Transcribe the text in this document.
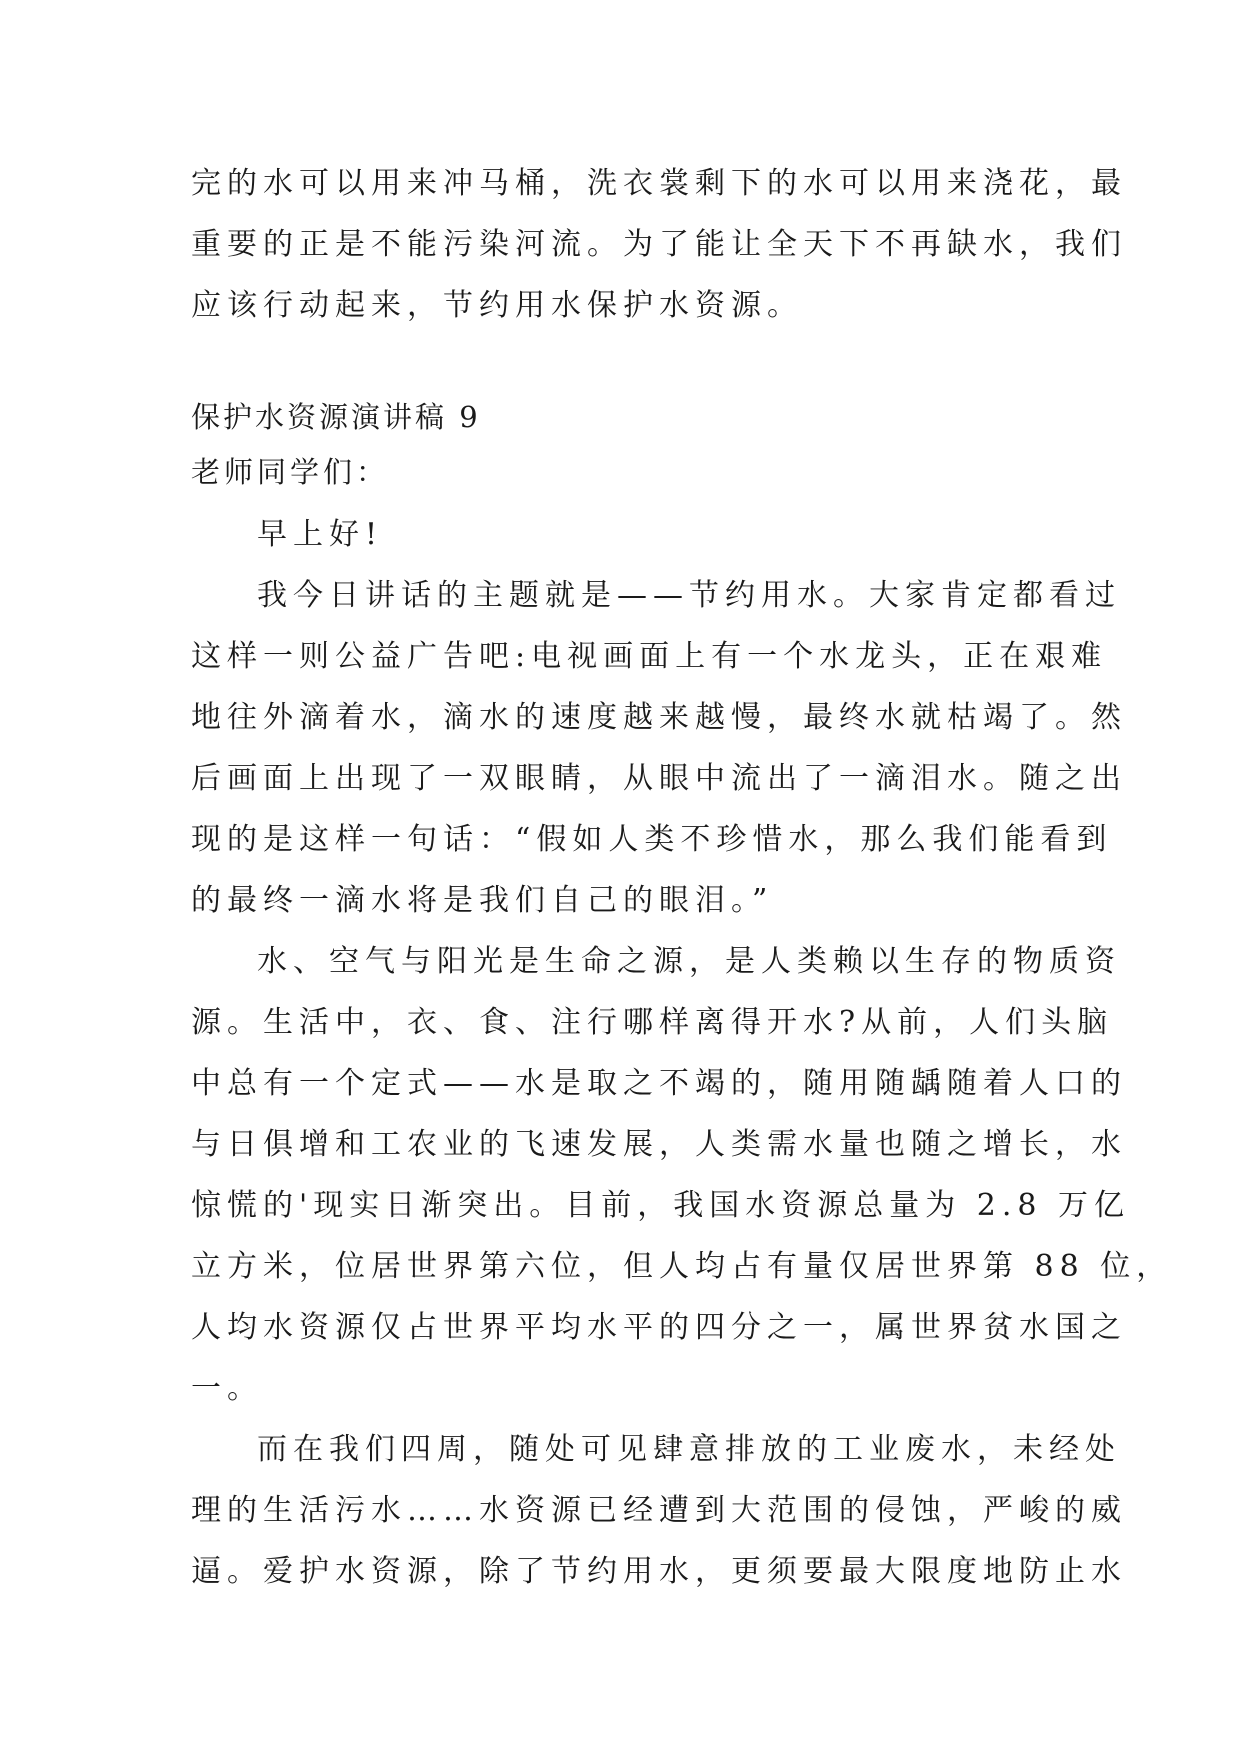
完的水可以用来冲马桶，洗衣裳剩下的水可以用来浇花，最

重要的正是不能污染河流。为了能让全天下不再缺水，我们

应该行动起来，节约用水保护水资源。

保护水资源演讲稿 9

老师同学们：

早上好!

我今日讲话的主题就是——节约用水。大家肯定都看过

这样一则公益广告吧:电视画面上有一个水龙头，正在艰难

地往外滴着水，滴水的速度越来越慢，最终水就枯竭了。然

后画面上出现了一双眼睛，从眼中流出了一滴泪水。随之出

现的是这样一句话：“假如人类不珍惜水，那么我们能看到

的最终一滴水将是我们自己的眼泪。”

水、空气与阳光是生命之源，是人类赖以生存的物质资

源。生活中，衣、食、注行哪样离得开水?从前，人们头脑

中总有一个定式——水是取之不竭的，随用随龋随着人口的

与日俱增和工农业的飞速发展，人类需水量也随之增长，水

惊慌的'现实日渐突出。目前，我国水资源总量为 2.8 万亿

立方米，位居世界第六位，但人均占有量仅居世界第 88 位，

人均水资源仅占世界平均水平的四分之一，属世界贫水国之

一。

而在我们四周，随处可见肆意排放的工业废水，未经处

理的生活污水……水资源已经遭到大范围的侵蚀，严峻的威

逼。爱护水资源，除了节约用水，更须要最大限度地防止水
